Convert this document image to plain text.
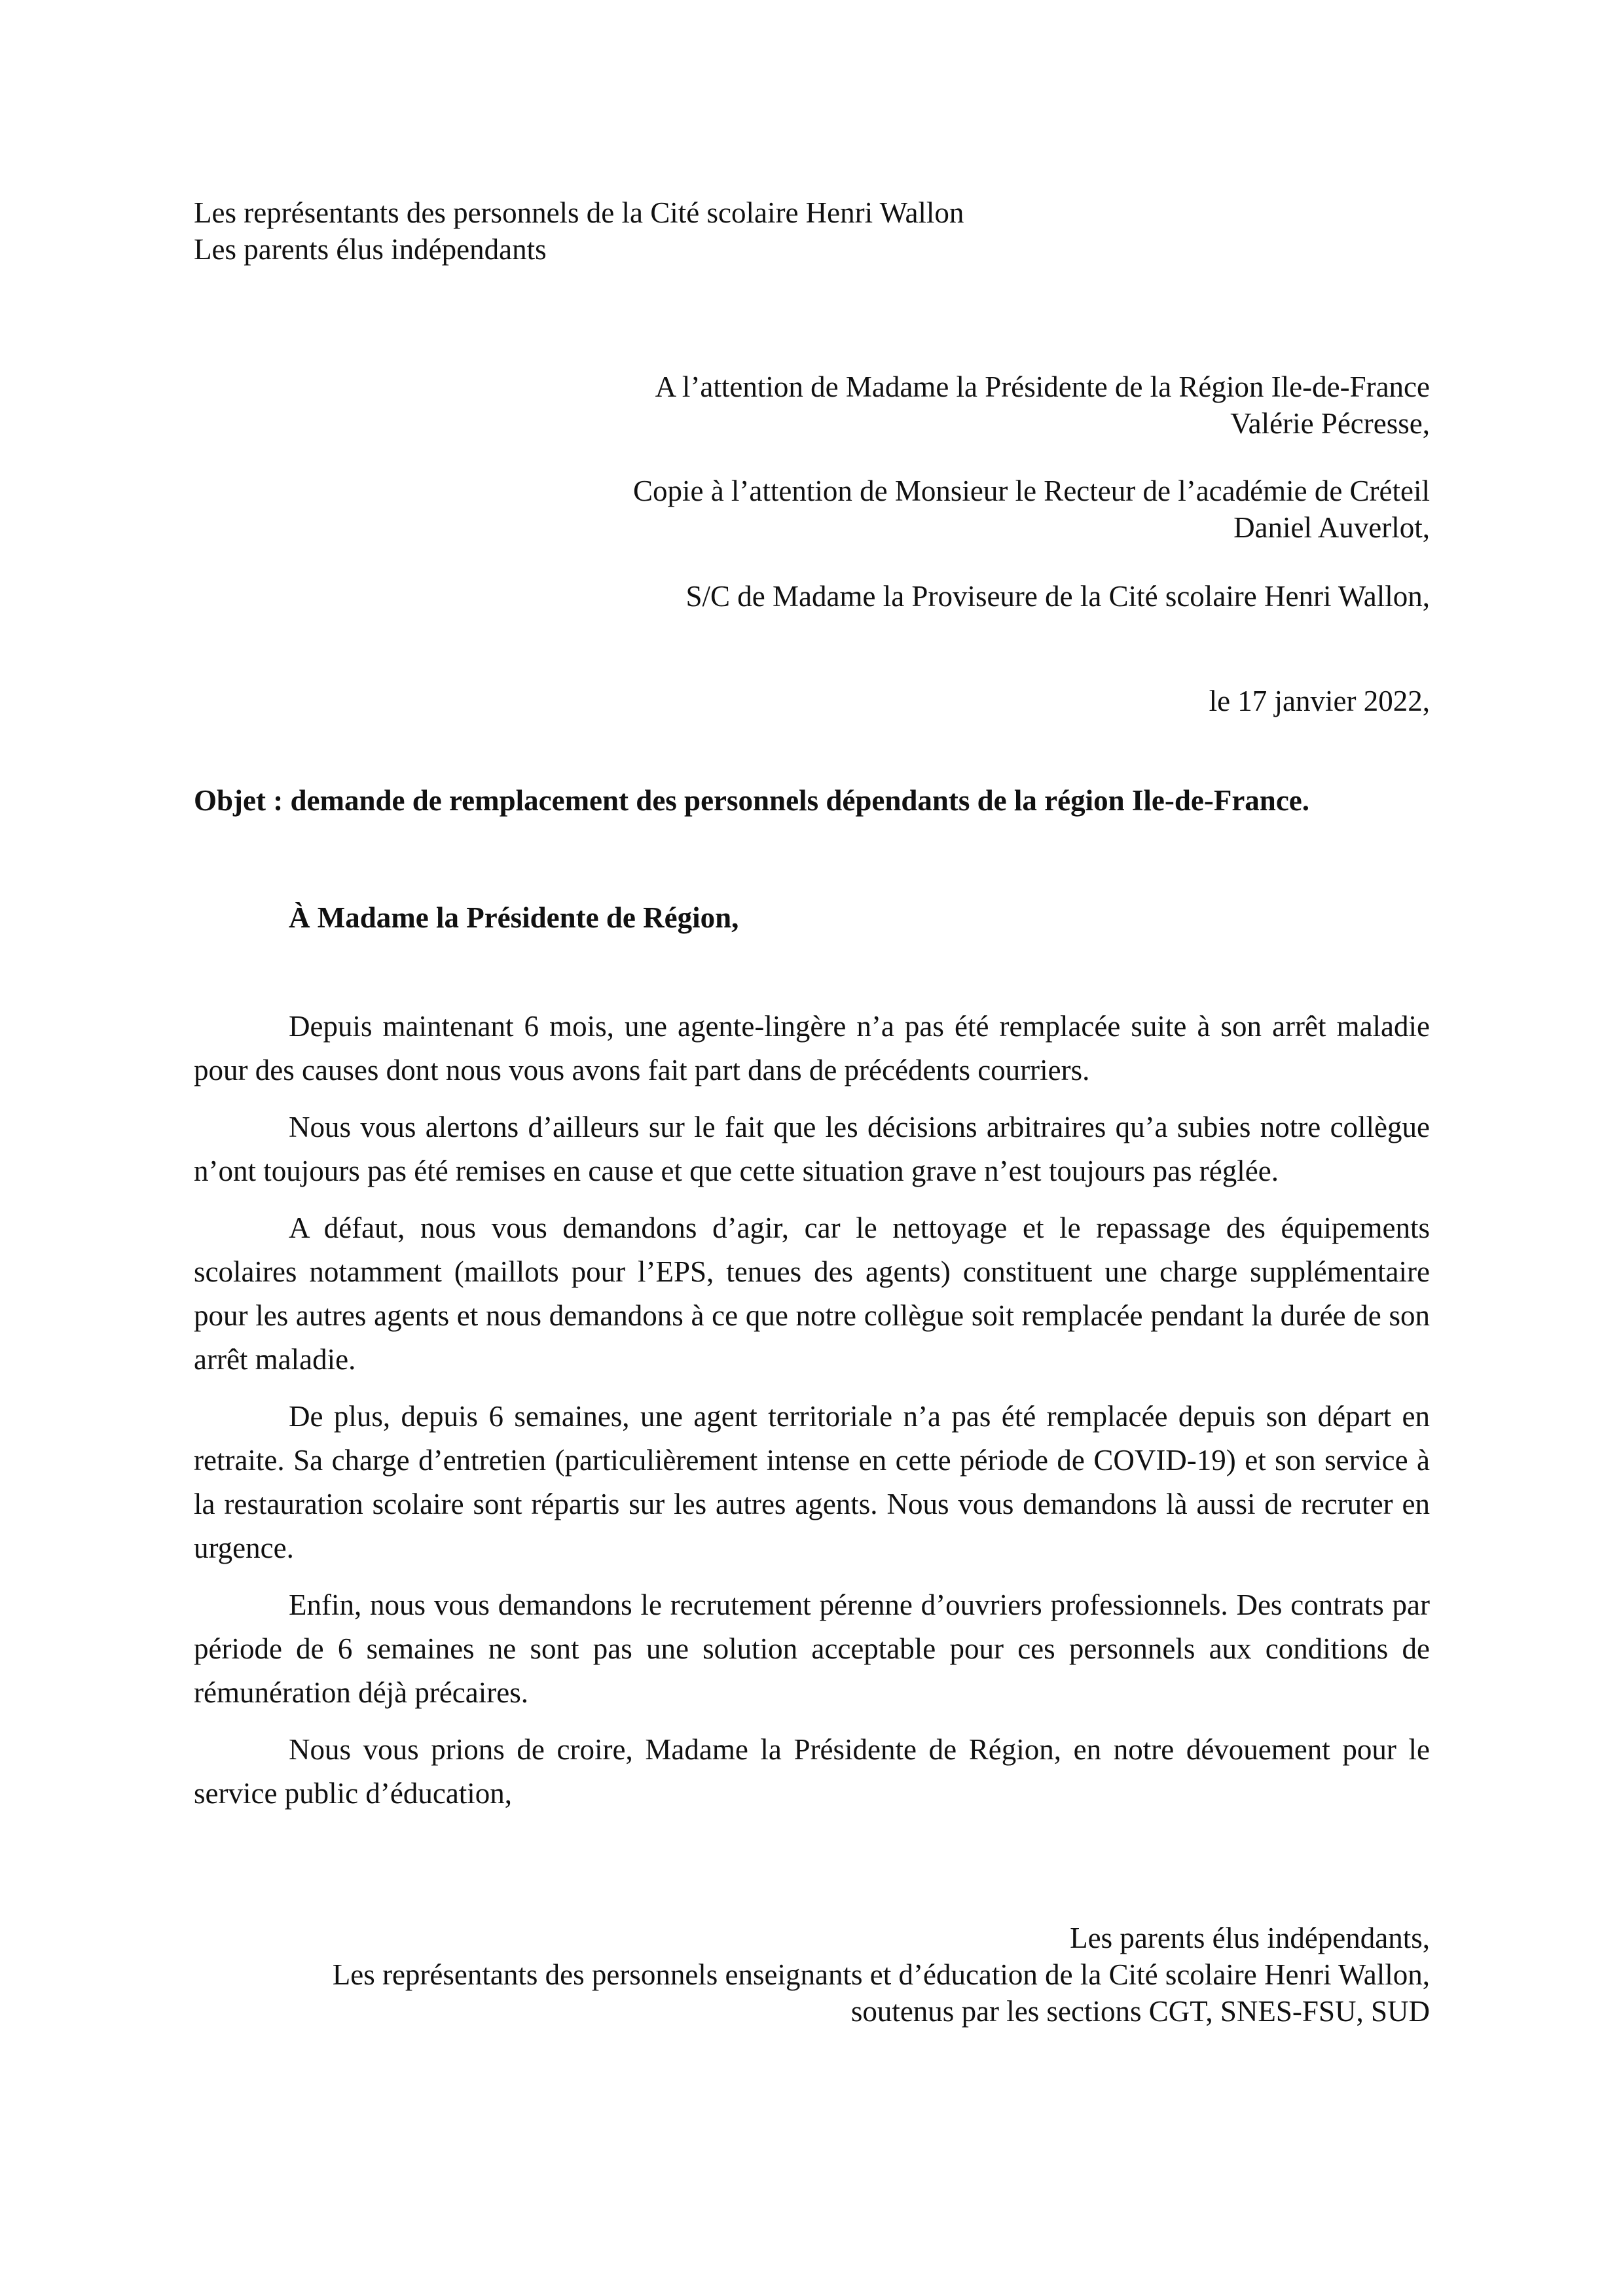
Les représentants des personnels de la Cité scolaire Henri Wallon
Les parents élus indépendants
A l’attention de Madame la Présidente de la Région Ile-de-France
Valérie Pécresse,
Copie à l’attention de Monsieur le Recteur de l’académie de Créteil
Daniel Auverlot,
S/C de Madame la Proviseure de la Cité scolaire Henri Wallon,
le 17 janvier 2022,
Objet : demande de remplacement des personnels dépendants de la région Ile-de-France.
À Madame la Présidente de Région,

Depuis maintenant 6 mois, une agente-lingère n’a pas été remplacée suite à son arrêt maladie pour des causes dont nous vous avons fait part dans de précédents courriers.

Nous vous alertons d’ailleurs sur le fait que les décisions arbitraires qu’a subies notre collègue n’ont toujours pas été remises en cause et que cette situation grave n’est toujours pas réglée.

A défaut, nous vous demandons d’agir, car le nettoyage et le repassage des équipements scolaires notamment (maillots pour l’EPS, tenues des agents) constituent une charge supplémentaire pour les autres agents et nous demandons à ce que notre collègue soit remplacée pendant la durée de son arrêt maladie.

De plus, depuis 6 semaines, une agent territoriale n’a pas été remplacée depuis son départ en retraite. Sa charge d’entretien (particulièrement intense en cette période de COVID-19) et son service à la restauration scolaire sont répartis sur les autres agents. Nous vous demandons là aussi de recruter en urgence.

Enfin, nous vous demandons le recrutement pérenne d’ouvriers professionnels. Des contrats par période de 6 semaines ne sont pas une solution acceptable pour ces personnels aux conditions de rémunération déjà précaires.

Nous vous prions de croire, Madame la Présidente de Région, en notre dévouement pour le service public d’éducation,

Les parents élus indépendants,
Les représentants des personnels enseignants et d’éducation de la Cité scolaire Henri Wallon,
soutenus par les sections CGT, SNES-FSU, SUD
